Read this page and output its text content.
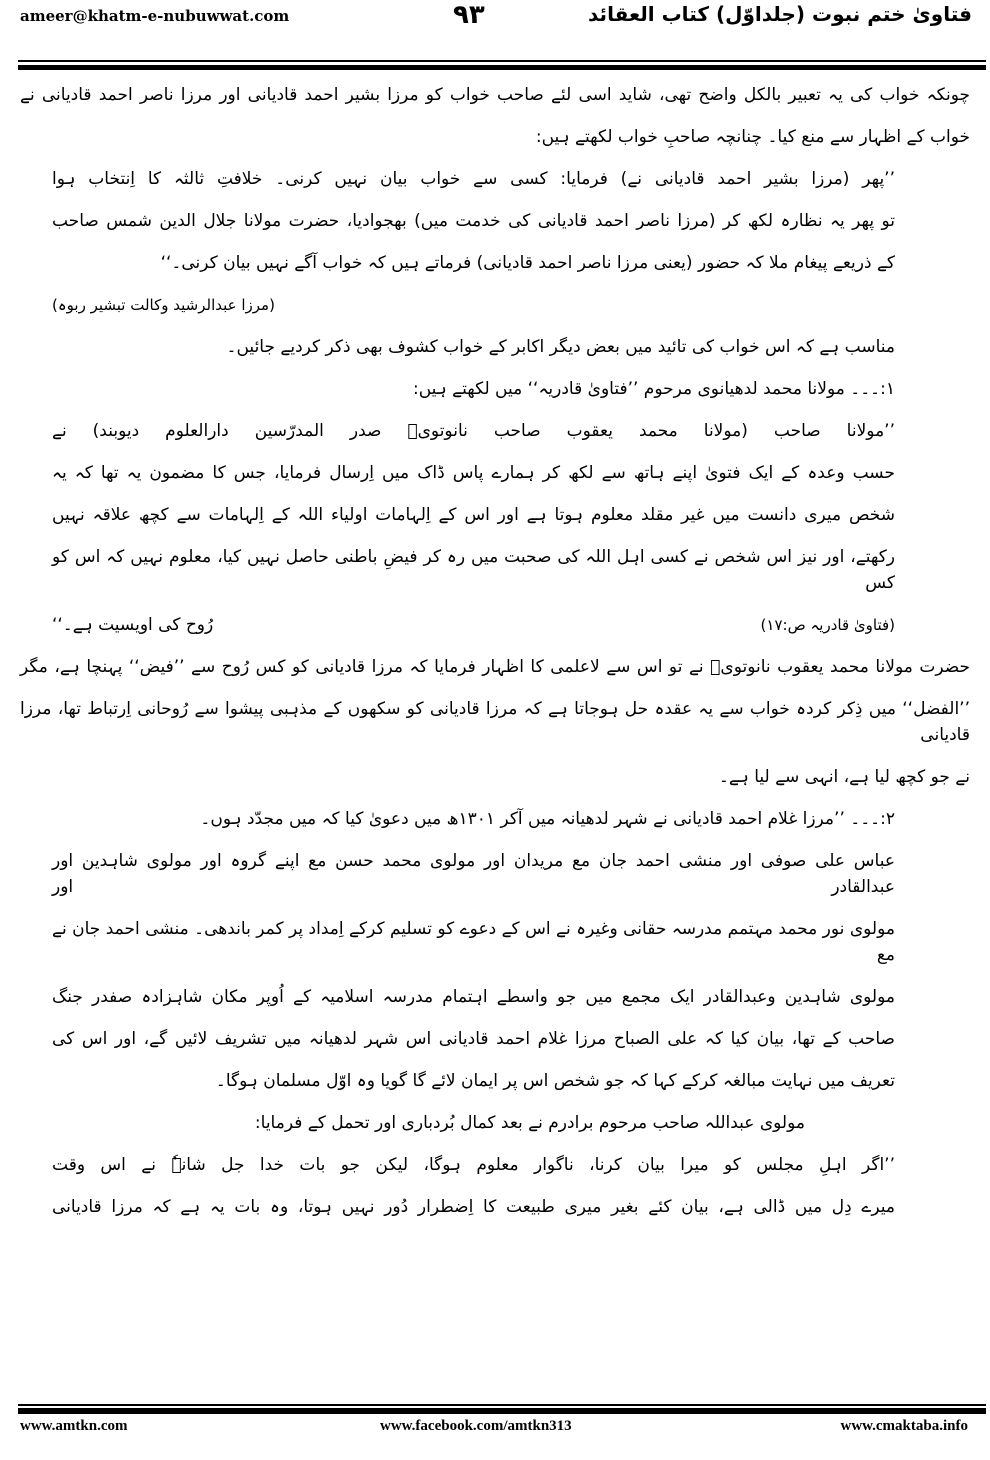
ameer@khatm-e-nubuwwat.com	۹۳	فتاویٰ ختم نبوت (جلداوّل) کتاب العقائد
چونکہ خواب کی یہ تعبیر بالکل واضح تھی، شاید اسی لئے صاحب خواب کو مرزا بشیر احمد قادیانی اور مرزا ناصر احمد قادیانی نے
خواب کے اظہار سے منع کیا۔ چنانچہ صاحبِ خواب لکھتے ہیں:
’’پھر (مرزا بشیر احمد قادیانی نے) فرمایا: کسی سے خواب بیان نہیں کرنی۔ خلافتِ ثالثہ کا اِنتخاب ہوا
تو پھر یہ نظارہ لکھ کر (مرزا ناصر احمد قادیانی کی خدمت میں) بھجوادیا، حضرت مولانا جلال الدین شمس صاحب
کے ذریعے پیغام ملا کہ حضور (یعنی مرزا ناصر احمد قادیانی) فرماتے ہیں کہ خواب آگے نہیں بیان کرنی۔‘‘
(مرزا عبدالرشید وکالت تبشیر ربوہ)
مناسب ہے کہ اس خواب کی تائید میں بعض دیگر اکابر کے خواب کشوف بھی ذکر کردیے جائیں۔
۱:۔۔۔ مولانا محمد لدھیانوی مرحوم ’’فتاویٰ قادریہ‘‘ میں لکھتے ہیں:
’’مولانا صاحب (مولانا محمد یعقوب صاحب نانوتویؒ صدر المدرّسین دارالعلوم دیوبند) نے
حسب وعدہ کے ایک فتویٰ اپنے ہاتھ سے لکھ کر ہمارے پاس ڈاک میں اِرسال فرمایا، جس کا مضمون یہ تھا کہ یہ
شخص میری دانست میں غیر مقلد معلوم ہوتا ہے اور اس کے اِلہامات اولیاء اللہ کے اِلہامات سے کچھ علاقہ نہیں
رکھتے، اور نیز اس شخص نے کسی اہل اللہ کی صحبت میں رہ کر فیضِ باطنی حاصل نہیں کیا، معلوم نہیں کہ اس کو کس
رُوح کی اویسیت ہے۔‘‘	(فتاویٰ قادریہ ص:۱۷)
حضرت مولانا محمد یعقوب نانوتویؒ نے تو اس سے لاعلمی کا اظہار فرمایا کہ مرزا قادیانی کو کس رُوح سے ’’فیض‘‘ پہنچا ہے، مگر
’’الفضل‘‘ میں ذِکر کردہ خواب سے یہ عقدہ حل ہوجاتا ہے کہ مرزا قادیانی کو سکھوں کے مذہبی پیشوا سے رُوحانی اِرتباط تھا، مرزا قادیانی
نے جو کچھ لیا ہے، انہی سے لیا ہے۔
۲:۔۔۔ ’’مرزا غلام احمد قادیانی نے شہر لدھیانہ میں آکر ۱۳۰۱ھ میں دعویٰ کیا کہ میں مجدّد ہوں۔
عباس علی صوفی اور منشی احمد جان مع مریدان اور مولوی محمد حسن مع اپنے گروہ اور مولوی شاہدین اور عبدالقادر اور
مولوی نور محمد مہتمم مدرسہ حقانی وغیرہ نے اس کے دعوے کو تسلیم کرکے اِمداد پر کمر باندھی۔ منشی احمد جان نے مع
مولوی شاہدین وعبدالقادر ایک مجمع میں جو واسطے اہتمام مدرسہ اسلامیہ کے اُوپر مکان شاہزادہ صفدر جنگ
صاحب کے تھا، بیان کیا کہ علی الصباح مرزا غلام احمد قادیانی اس شہر لدھیانہ میں تشریف لائیں گے، اور اس کی
تعریف میں نہایت مبالغہ کرکے کہا کہ جو شخص اس پر ایمان لائے گا گویا وہ اوّل مسلمان ہوگا۔
مولوی عبداللہ صاحب مرحوم برادرم نے بعد کمال بُردباری اور تحمل کے فرمایا:
’’اگر اہلِ مجلس کو میرا بیان کرنا، ناگوار معلوم ہوگا، لیکن جو بات خدا جل شانہٗ نے اس وقت
میرے دِل میں ڈالی ہے، بیان کئے بغیر میری طبیعت کا اِضطرار دُور نہیں ہوتا، وہ بات یہ ہے کہ مرزا قادیانی
www.amtkn.com	www.facebook.com/amtkn313	www.cmaktaba.info
